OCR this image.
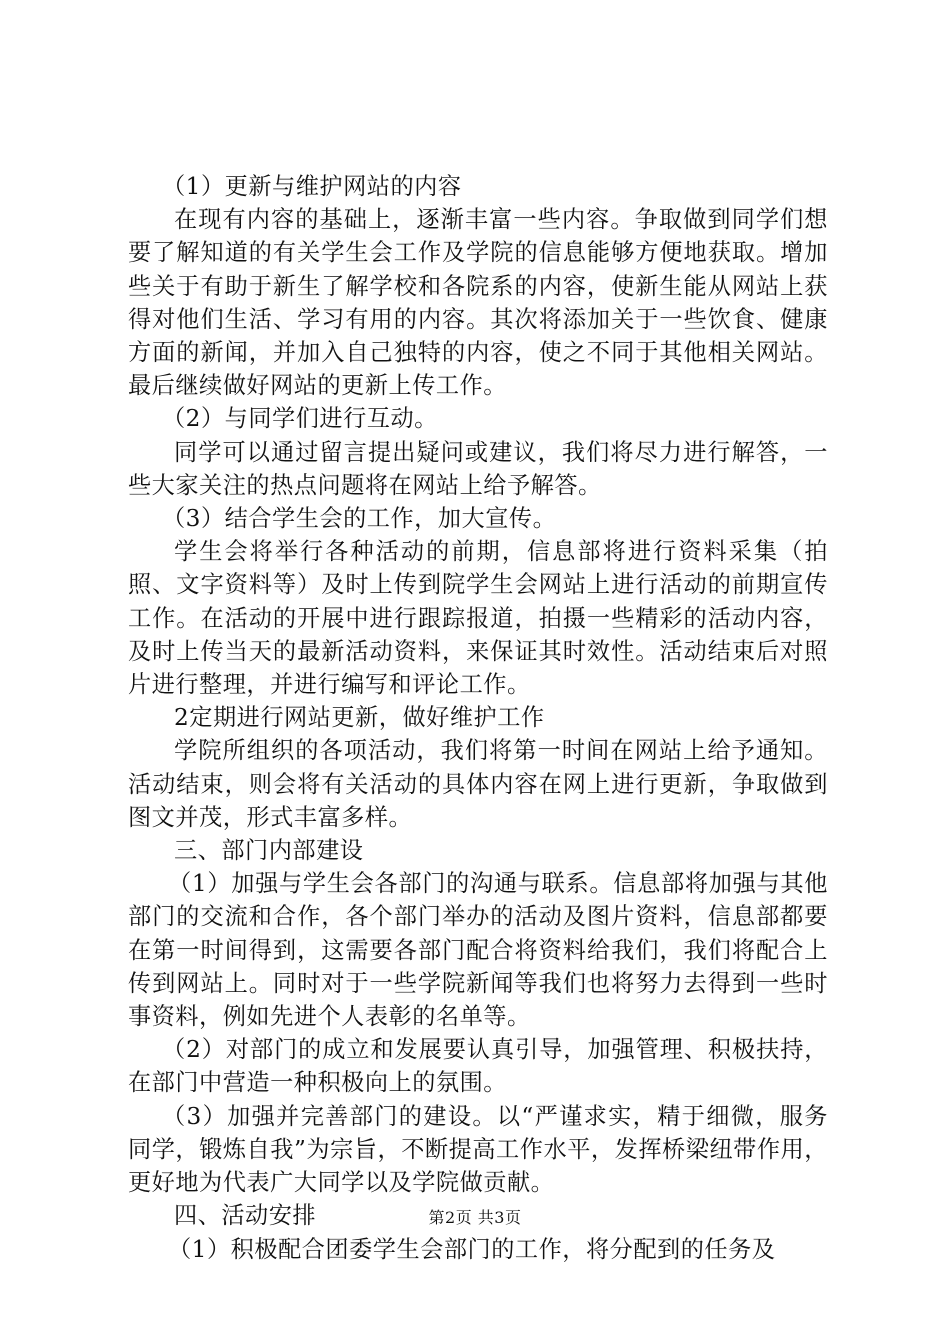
（1）更新与维护网站的内容

在现有内容的基础上，逐渐丰富一些内容。争取做到同学们想要了解知道的有关学生会工作及学院的信息能够方便地获取。增加些关于有助于新生了解学校和各院系的内容，使新生能从网站上获得对他们生活、学习有用的内容。其次将添加关于一些饮食、健康方面的新闻，并加入自己独特的内容，使之不同于其他相关网站。最后继续做好网站的更新上传工作。

（2）与同学们进行互动。

同学可以通过留言提出疑问或建议，我们将尽力进行解答，一些大家关注的热点问题将在网站上给予解答。

（3）结合学生会的工作，加大宣传。

学生会将举行各种活动的前期，信息部将进行资料采集（拍照、文字资料等）及时上传到院学生会网站上进行活动的前期宣传工作。在活动的开展中进行跟踪报道，拍摄一些精彩的活动内容，及时上传当天的最新活动资料，来保证其时效性。活动结束后对照片进行整理，并进行编写和评论工作。

2定期进行网站更新，做好维护工作

学院所组织的各项活动，我们将第一时间在网站上给予通知。活动结束，则会将有关活动的具体内容在网上进行更新，争取做到图文并茂，形式丰富多样。

三、部门内部建设

（1）加强与学生会各部门的沟通与联系。信息部将加强与其他部门的交流和合作，各个部门举办的活动及图片资料，信息部都要在第一时间得到，这需要各部门配合将资料给我们，我们将配合上传到网站上。同时对于一些学院新闻等我们也将努力去得到一些时事资料，例如先进个人表彰的名单等。

（2）对部门的成立和发展要认真引导，加强管理、积极扶持，在部门中营造一种积极向上的氛围。

（3）加强并完善部门的建设。以“严谨求实，精于细微，服务同学，锻炼自我”为宗旨，不断提高工作水平，发挥桥梁纽带作用，更好地为代表广大同学以及学院做贡献。

四、活动安排

（1）积极配合团委学生会部门的工作，将分配到的任务及

第2页 共3页
